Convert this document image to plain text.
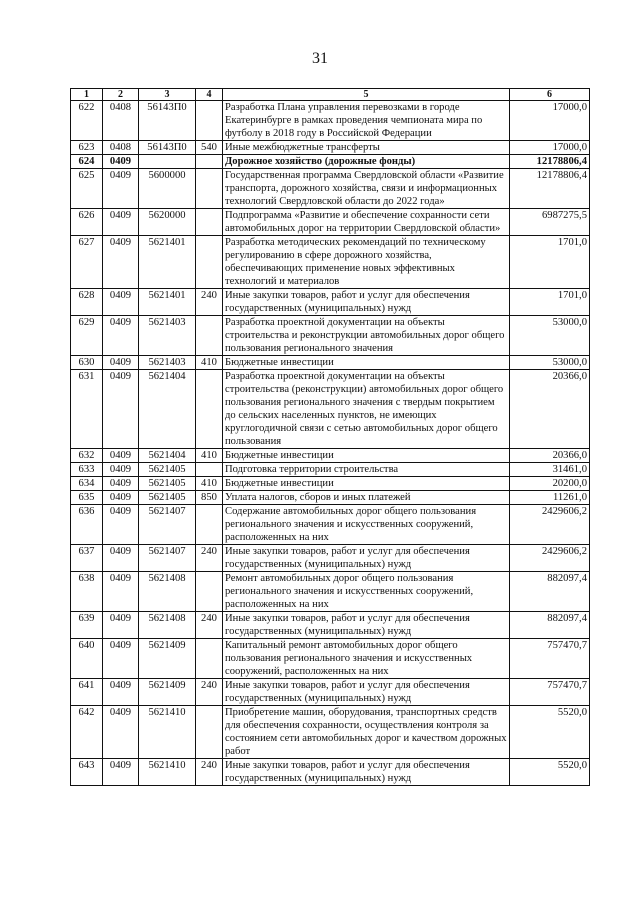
31
1	2	3	4	5	6
622	0408	56143П0		Разработка Плана управления перевозками в городе Екатеринбурге в рамках проведения чемпионата мира по футболу в 2018 году в Российской Федерации	17000,0
623	0408	56143П0	540	Иные межбюджетные трансферты	17000,0
624	0409			Дорожное хозяйство (дорожные фонды)	12178806,4
625	0409	5600000		Государственная программа Свердловской области «Развитие транспорта, дорожного хозяйства, связи и информационных технологий Свердловской области до 2022 года»	12178806,4
626	0409	5620000		Подпрограмма «Развитие и обеспечение сохранности сети автомобильных дорог на территории Свердловской области»	6987275,5
627	0409	5621401		Разработка методических рекомендаций по техническому регулированию в сфере дорожного хозяйства, обеспечивающих применение новых эффективных технологий и материалов	1701,0
628	0409	5621401	240	Иные закупки товаров, работ и услуг для обеспечения государственных (муниципальных) нужд	1701,0
629	0409	5621403		Разработка проектной документации на объекты строительства и реконструкции автомобильных дорог общего пользования регионального значения	53000,0
630	0409	5621403	410	Бюджетные инвестиции	53000,0
631	0409	5621404		Разработка проектной документации на объекты строительства (реконструкции) автомобильных дорог общего пользования регионального значения с твердым покрытием до сельских населенных пунктов, не имеющих круглогодичной связи с сетью автомобильных дорог общего пользования	20366,0
632	0409	5621404	410	Бюджетные инвестиции	20366,0
633	0409	5621405		Подготовка территории строительства	31461,0
634	0409	5621405	410	Бюджетные инвестиции	20200,0
635	0409	5621405	850	Уплата налогов, сборов и иных платежей	11261,0
636	0409	5621407		Содержание автомобильных дорог общего пользования регионального значения и искусственных сооружений, расположенных на них	2429606,2
637	0409	5621407	240	Иные закупки товаров, работ и услуг для обеспечения государственных (муниципальных) нужд	2429606,2
638	0409	5621408		Ремонт автомобильных дорог общего пользования регионального значения и искусственных сооружений, расположенных на них	882097,4
639	0409	5621408	240	Иные закупки товаров, работ и услуг для обеспечения государственных (муниципальных) нужд	882097,4
640	0409	5621409		Капитальный ремонт автомобильных дорог общего пользования регионального значения и искусственных сооружений, расположенных на них	757470,7
641	0409	5621409	240	Иные закупки товаров, работ и услуг для обеспечения государственных (муниципальных) нужд	757470,7
642	0409	5621410		Приобретение машин, оборудования, транспортных средств для обеспечения сохранности, осуществления контроля за состоянием сети автомобильных дорог и качеством дорожных работ	5520,0
643	0409	5621410	240	Иные закупки товаров, работ и услуг для обеспечения государственных (муниципальных) нужд	5520,0
